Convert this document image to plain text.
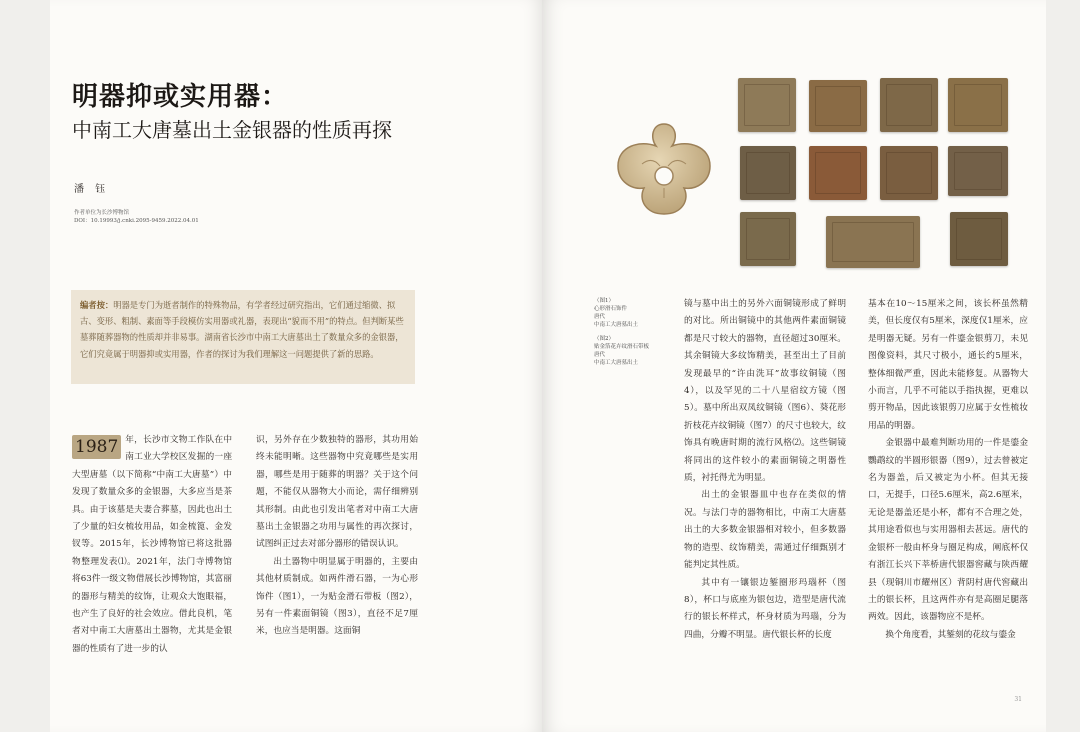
明器抑或实用器：
中南工大唐墓出土金银器的性质再探
潘 钰
作者单位为长沙博物馆
DOI：10.19993/j.cnki.2095-9459.2022.04.01
编者按：明器是专门为逝者制作的特殊物品，有学者经过研究指出，它们通过缩微、拟古、变形、粗制、素面等手段模仿实用器或礼器，表现出“貌而不用”的特点。但判断某些墓葬随葬器物的性质却并非易事。湖南省长沙市中南工大唐墓出土了数量众多的金银器，它们究竟属于明器抑或实用器，作者的探讨为我们理解这一问题提供了新的思路。
1987 年，长沙市文物工作队在中南工业大学校区发掘的一座大型唐墓（以下简称“中南工大唐墓”）中发现了数量众多的金银器，大多应当是茶具。由于该墓是夫妻合葬墓，因此也出土了少量的妇女梳妆用品，如金梳篦、金发钗等。2015年，长沙博物馆已将这批器物整理发表⑴。2021年，法门寺博物馆将63件一级文物借展长沙博物馆，其富丽的器形与精美的纹饰，让观众大饱眼福，也产生了良好的社会效应。借此良机，笔者对中南工大唐墓出土器物，尤其是金银器的性质有了进一步的认
识，另外存在少数独特的器形，其功用始终未能明晰。这些器物中究竟哪些是实用器，哪些是用于随葬的明器？关于这个问题，不能仅从器物大小而论，需仔细辨别其形制。由此也引发出笔者对中南工大唐墓出土金银器之功用与属性的再次探讨，试图纠正过去对部分器形的错误认识。
出土器物中明显属于明器的，主要由其他材质制成。如两件滑石器，一为心形饰件（图1），一为贴金滑石带板（图2），另有一件素面铜镜（图3），直径不足7厘米，也应当是明器。这面铜
（图1）
心形滑石饰件
唐代
中南工大唐墓出土
（图2）
贴金箔花卉纹滑石带板
唐代
中南工大唐墓出土
镜与墓中出土的另外六面铜镜形成了鲜明的对比。所出铜镜中的其他两件素面铜镜都是尺寸较大的器物，直径超过30厘米。其余铜镜大多纹饰精美，甚至出土了目前发现最早的“许由洗耳”故事纹铜镜（图4），以及罕见的二十八星宿纹方镜（图5）。墓中所出双凤纹铜镜（图6）、葵花形折枝花卉纹铜镜（图7）的尺寸也较大，纹饰具有晚唐时期的流行风格⑵。这些铜镜将同出的这件较小的素面铜镜之明器性质，衬托得尤为明显。
出土的金银器皿中也存在类似的情况。与法门寺的器物相比，中南工大唐墓出土的大多数金银器相对较小，但多数器物的造型、纹饰精美，需通过仔细甄别才能判定其性质。
其中有一镶银边錾圈形玛瑙杯（图8），杯口与底座为银包边，造型是唐代流行的银长杯样式，杯身材质为玛瑙，分为四曲，分瓣不明显。唐代银长杯的长度
基本在10～15厘米之间，该长杯虽然精美，但长度仅有5厘米，深度仅1厘米，应是明器无疑。另有一件鎏金银剪刀，未见图像资料，其尺寸极小，通长约5厘米，整体细微严重，因此未能修复。从器物大小而言，几乎不可能以手指执握，更难以剪开物品，因此该银剪刀应属于女性梳妆用品的明器。
金银器中最难判断功用的一件是鎏金鸚鹉纹的半圆形银器（图9），过去曾被定名为器盖，后又被定为小杯。但其无接口，无提手，口径5.6厘米，高2.6厘米，无论是器盖还是小杯，都有不合理之处，其用途看似也与实用器相去甚远。唐代的金银杯一般由杯身与圈足构成，阐底杯仅有浙江长兴下莘桥唐代银器窖藏与陕西耀县（现铜川市耀州区）背阴村唐代窖藏出土的银长杯，且这两件亦有是高圈足腿落两效。因此，该器物应不是杯。
换个角度看，其錾刻的花纹与鎏金
31
